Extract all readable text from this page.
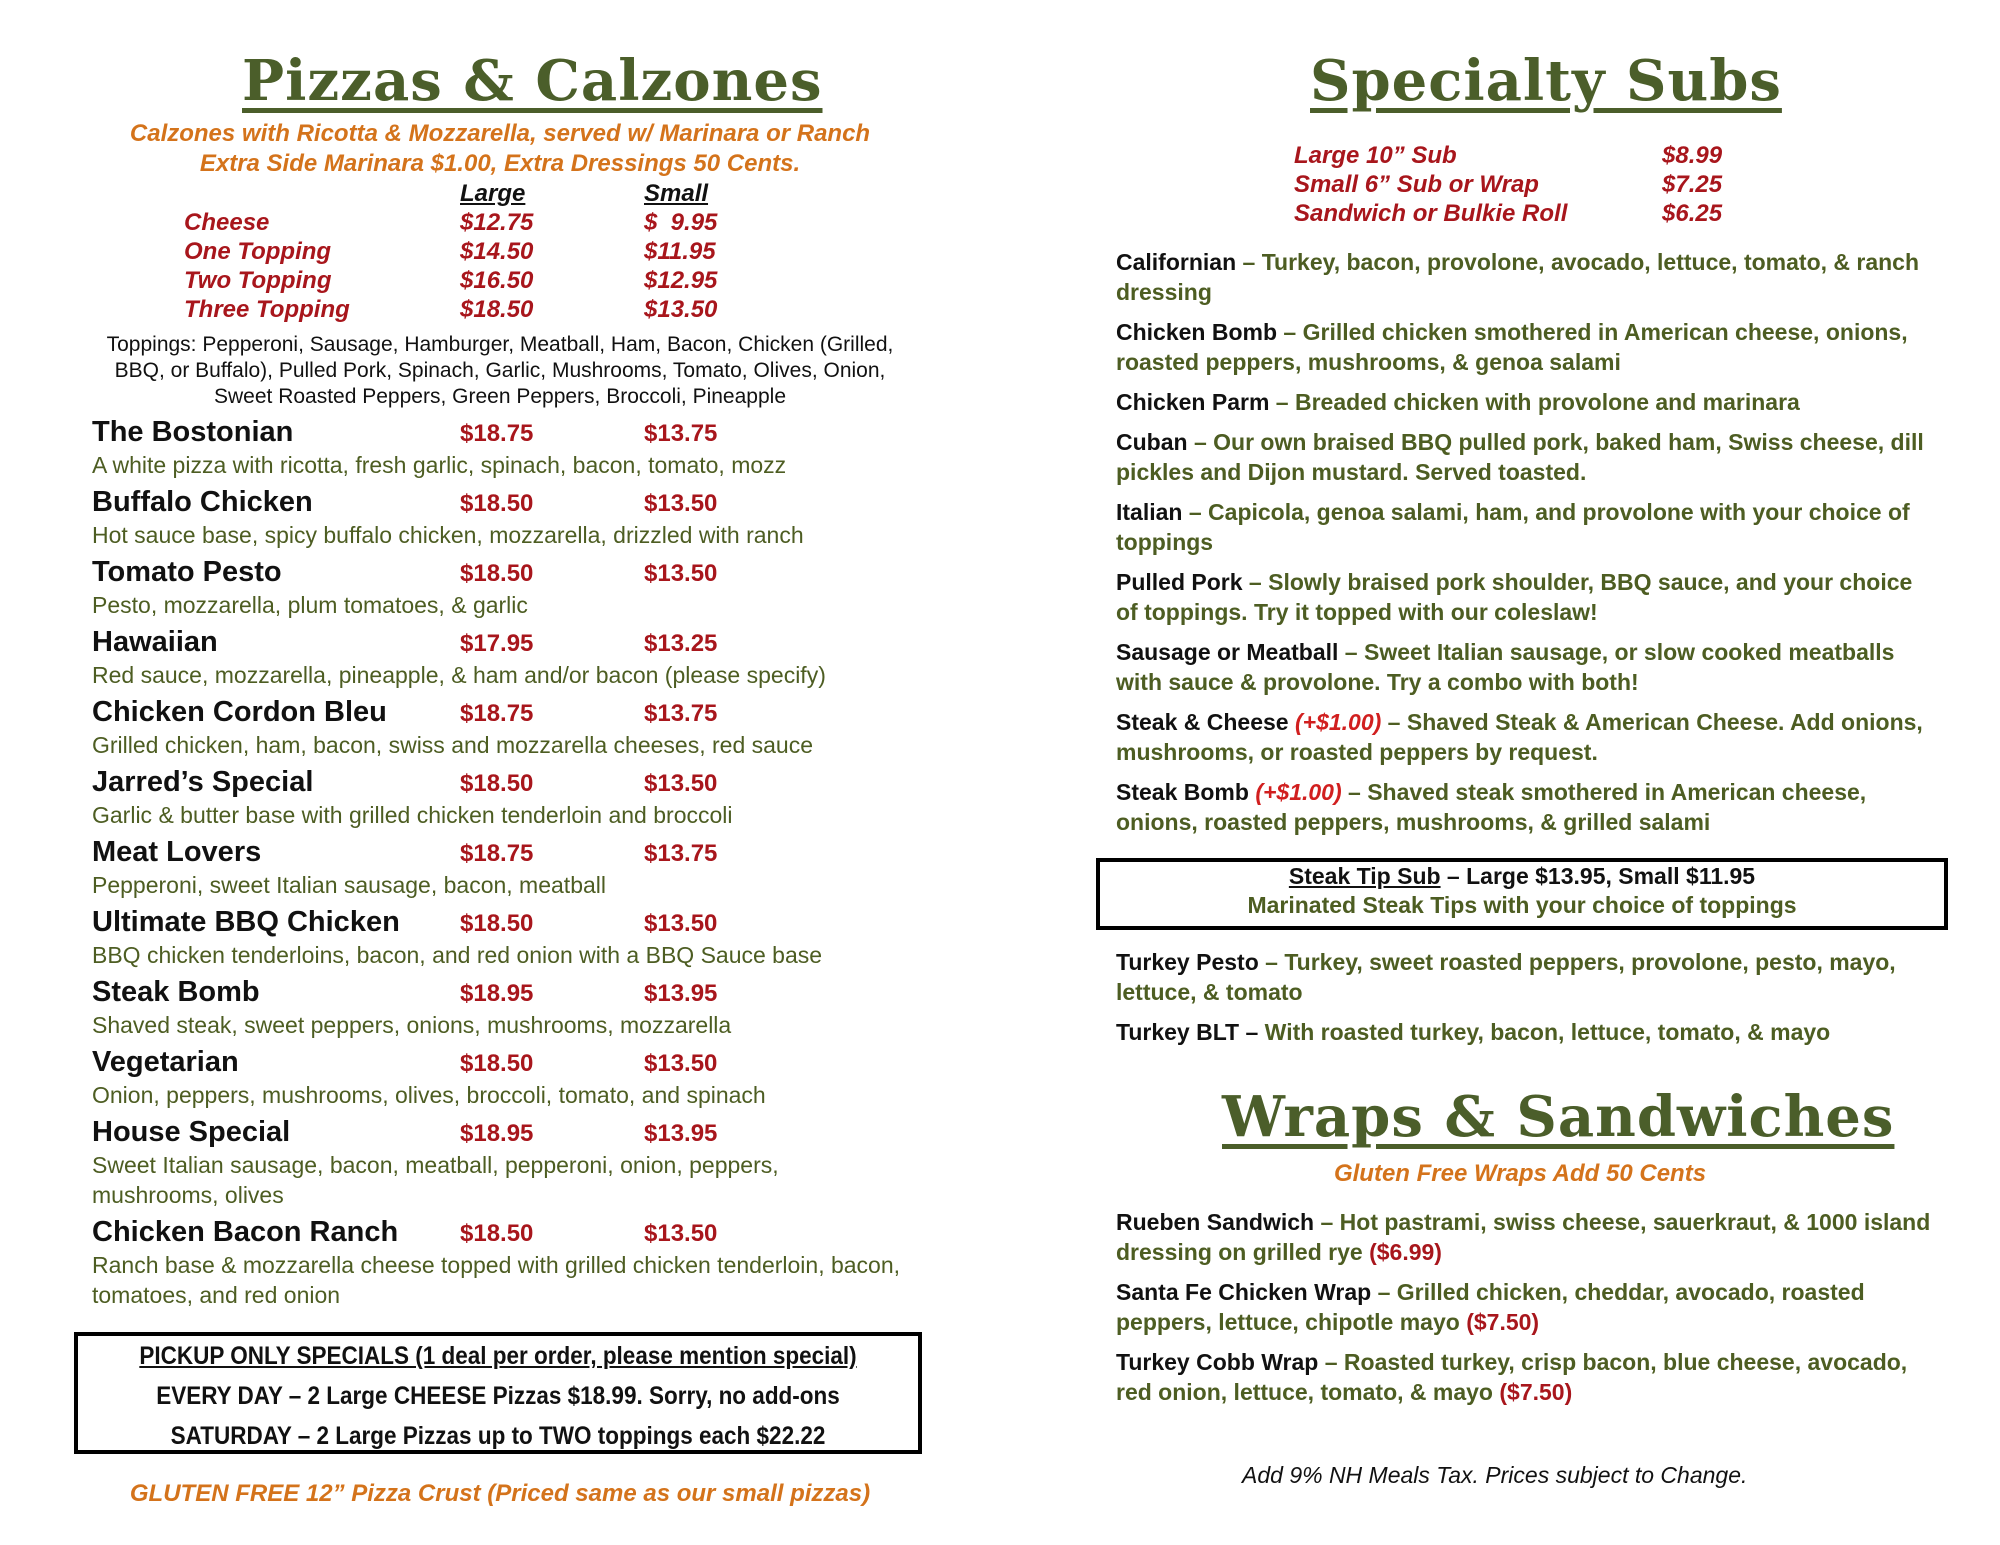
Pizzas & Calzones
Calzones with Ricotta & Mozzarella, served w/ Marinara or Ranch
Extra Side Marinara $1.00, Extra Dressings 50 Cents.
Large	Small
Cheese	$12.75	$  9.95
One Topping	$14.50	$11.95
Two Topping	$16.50	$12.95
Three Topping	$18.50	$13.50
Toppings: Pepperoni, Sausage, Hamburger, Meatball, Ham, Bacon, Chicken (Grilled, BBQ, or Buffalo), Pulled Pork, Spinach, Garlic, Mushrooms, Tomato, Olives, Onion, Sweet Roasted Peppers, Green Peppers, Broccoli, Pineapple
The Bostonian	$18.75	$13.75
A white pizza with ricotta, fresh garlic, spinach, bacon, tomato, mozz
Buffalo Chicken	$18.50	$13.50
Hot sauce base, spicy buffalo chicken, mozzarella, drizzled with ranch
Tomato Pesto	$18.50	$13.50
Pesto, mozzarella, plum tomatoes, & garlic
Hawaiian	$17.95	$13.25
Red sauce, mozzarella, pineapple, & ham and/or bacon (please specify)
Chicken Cordon Bleu	$18.75	$13.75
Grilled chicken, ham, bacon, swiss and mozzarella cheeses, red sauce
Jarred’s Special	$18.50	$13.50
Garlic & butter base with grilled chicken tenderloin and broccoli
Meat Lovers	$18.75	$13.75
Pepperoni, sweet Italian sausage, bacon, meatball
Ultimate BBQ Chicken	$18.50	$13.50
BBQ chicken tenderloins, bacon, and red onion with a BBQ Sauce base
Steak Bomb	$18.95	$13.95
Shaved steak, sweet peppers, onions, mushrooms, mozzarella
Vegetarian	$18.50	$13.50
Onion, peppers, mushrooms, olives, broccoli, tomato, and spinach
House Special	$18.95	$13.95
Sweet Italian sausage, bacon, meatball, pepperoni, onion, peppers, mushrooms, olives
Chicken Bacon Ranch	$18.50	$13.50
Ranch base & mozzarella cheese topped with grilled chicken tenderloin, bacon, tomatoes, and red onion
PICKUP ONLY SPECIALS (1 deal per order, please mention special)
EVERY DAY – 2 Large CHEESE Pizzas $18.99. Sorry, no add-ons
SATURDAY – 2 Large Pizzas up to TWO toppings each $22.22
GLUTEN FREE 12” Pizza Crust (Priced same as our small pizzas)
Specialty Subs
Large 10” Sub	$8.99
Small 6” Sub or Wrap	$7.25
Sandwich or Bulkie Roll	$6.25
Californian – Turkey, bacon, provolone, avocado, lettuce, tomato, & ranch dressing
Chicken Bomb – Grilled chicken smothered in American cheese, onions, roasted peppers, mushrooms, & genoa salami
Chicken Parm – Breaded chicken with provolone and marinara
Cuban – Our own braised BBQ pulled pork, baked ham, Swiss cheese, dill pickles and Dijon mustard. Served toasted.
Italian – Capicola, genoa salami, ham, and provolone with your choice of toppings
Pulled Pork – Slowly braised pork shoulder, BBQ sauce, and your choice of toppings. Try it topped with our coleslaw!
Sausage or Meatball – Sweet Italian sausage, or slow cooked meatballs with sauce & provolone. Try a combo with both!
Steak & Cheese (+$1.00) – Shaved Steak & American Cheese. Add onions, mushrooms, or roasted peppers by request.
Steak Bomb (+$1.00) – Shaved steak smothered in American cheese, onions, roasted peppers, mushrooms, & grilled salami
Steak Tip Sub – Large $13.95, Small $11.95
Marinated Steak Tips with your choice of toppings
Turkey Pesto – Turkey, sweet roasted peppers, provolone, pesto, mayo, lettuce, & tomato
Turkey BLT – With roasted turkey, bacon, lettuce, tomato, & mayo
Wraps & Sandwiches
Gluten Free Wraps Add 50 Cents
Rueben Sandwich – Hot pastrami, swiss cheese, sauerkraut, & 1000 island dressing on grilled rye ($6.99)
Santa Fe Chicken Wrap – Grilled chicken, cheddar, avocado, roasted peppers, lettuce, chipotle mayo ($7.50)
Turkey Cobb Wrap – Roasted turkey, crisp bacon, blue cheese, avocado, red onion, lettuce, tomato, & mayo ($7.50)
Add 9% NH Meals Tax. Prices subject to Change.
